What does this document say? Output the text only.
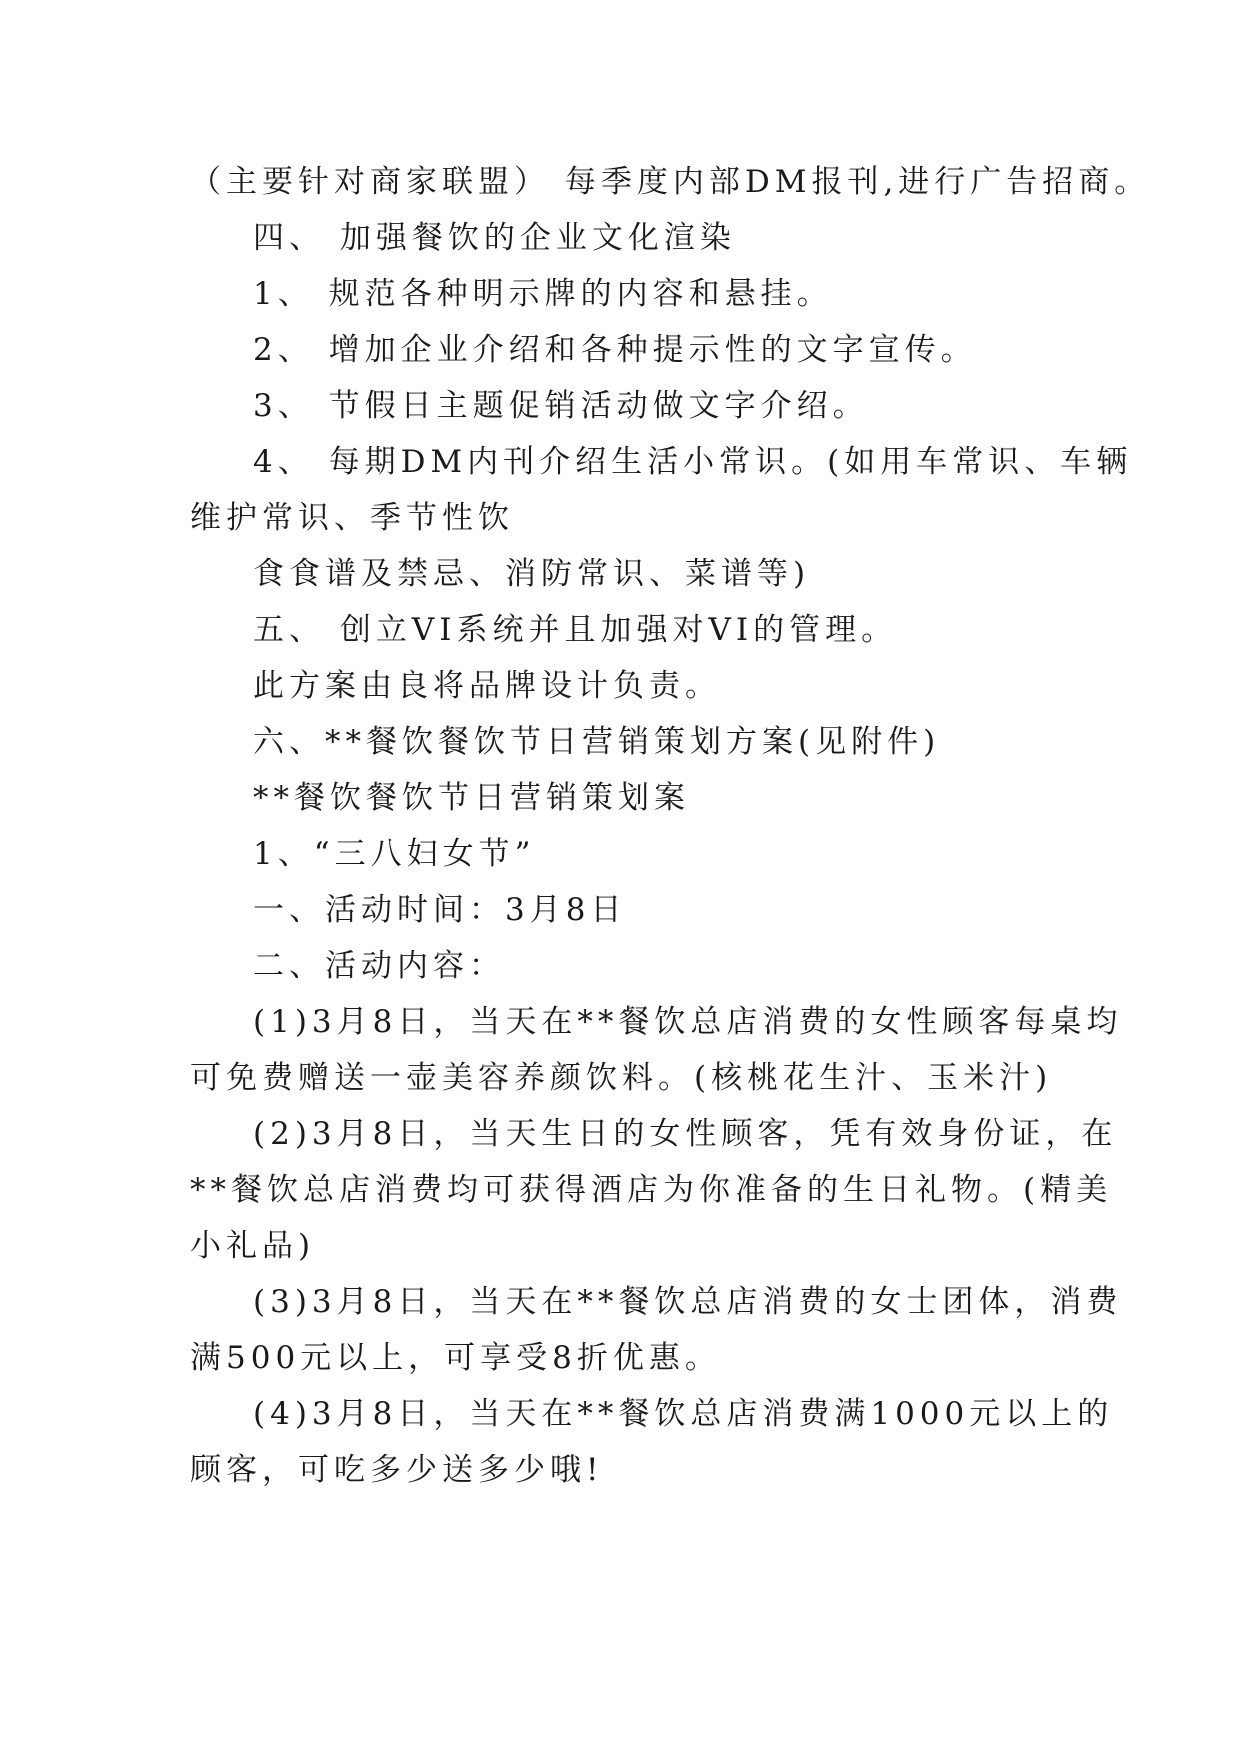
（主要针对商家联盟） 每季度内部DM报刊,进行广告招商。
四、 加强餐饮的企业文化渲染
1、 规范各种明示牌的内容和悬挂。
2、 增加企业介绍和各种提示性的文字宣传。
3、 节假日主题促销活动做文字介绍。
4、 每期DM内刊介绍生活小常识。(如用车常识、车辆
维护常识、季节性饮
食食谱及禁忌、消防常识、菜谱等)
五、 创立VI系统并且加强对VI的管理。
此方案由良将品牌设计负责。
六、**餐饮餐饮节日营销策划方案(见附件)
**餐饮餐饮节日营销策划案
1、“三八妇女节”
一、活动时间：3月8日
二、活动内容：
(1)3月8日，当天在**餐饮总店消费的女性顾客每桌均
可免费赠送一壶美容养颜饮料。(核桃花生汁、玉米汁)
(2)3月8日，当天生日的女性顾客，凭有效身份证，在
**餐饮总店消费均可获得酒店为你准备的生日礼物。(精美
小礼品)
(3)3月8日，当天在**餐饮总店消费的女士团体，消费
满500元以上，可享受8折优惠。
(4)3月8日，当天在**餐饮总店消费满1000元以上的
顾客，可吃多少送多少哦!
